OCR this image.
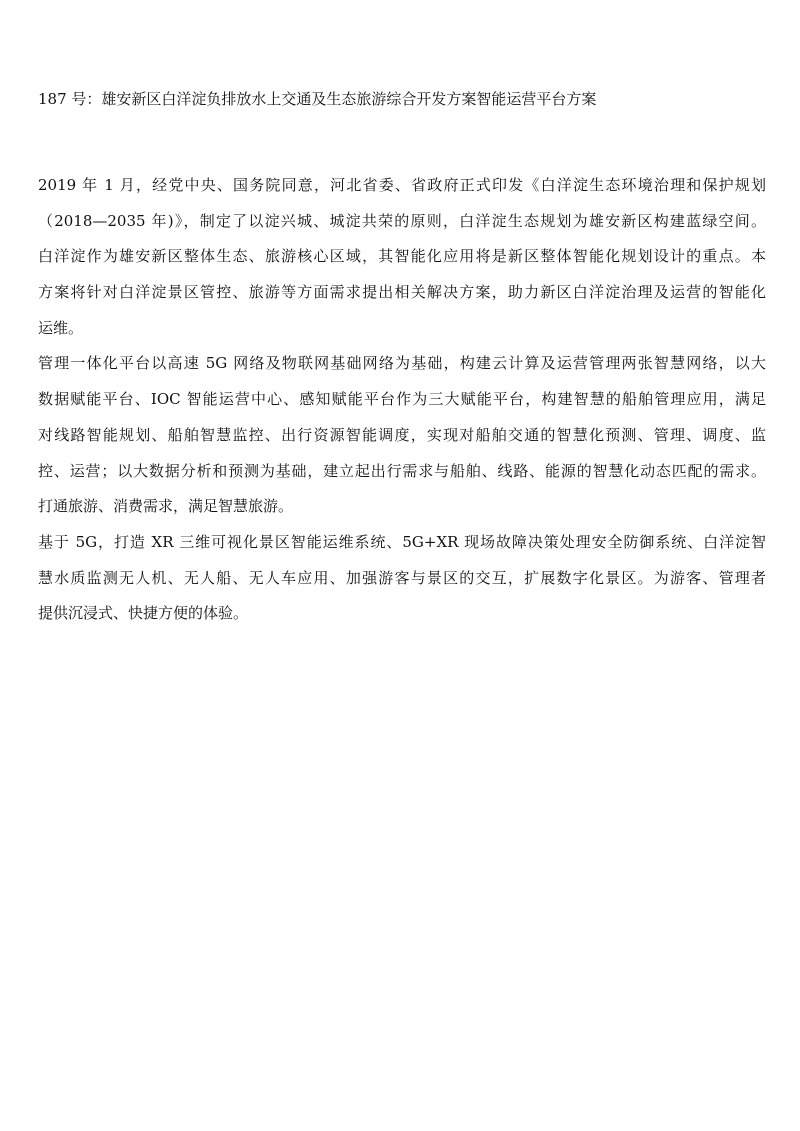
187 号：雄安新区白洋淀负排放水上交通及生态旅游综合开发方案智能运营平台方案
2019 年 1 月，经党中央、国务院同意，河北省委、省政府正式印发《白洋淀生态环境治理和保护规划
（2018—2035 年)》，制定了以淀兴城、城淀共荣的原则，白洋淀生态规划为雄安新区构建蓝绿空间。
白洋淀作为雄安新区整体生态、旅游核心区域，其智能化应用将是新区整体智能化规划设计的重点。本
方案将针对白洋淀景区管控、旅游等方面需求提出相关解决方案，助力新区白洋淀治理及运营的智能化
运维。
管理一体化平台以高速 5G 网络及物联网基础网络为基础，构建云计算及运营管理两张智慧网络，以大
数据赋能平台、IOC 智能运营中心、感知赋能平台作为三大赋能平台，构建智慧的船舶管理应用，满足
对线路智能规划、船舶智慧监控、出行资源智能调度，实现对船舶交通的智慧化预测、管理、调度、监
控、运营；以大数据分析和预测为基础，建立起出行需求与船舶、线路、能源的智慧化动态匹配的需求。
打通旅游、消费需求，满足智慧旅游。
基于 5G，打造 XR 三维可视化景区智能运维系统、5G+XR 现场故障决策处理安全防御系统、白洋淀智
慧水质监测无人机、无人船、无人车应用、加强游客与景区的交互，扩展数字化景区。为游客、管理者
提供沉浸式、快捷方便的体验。
